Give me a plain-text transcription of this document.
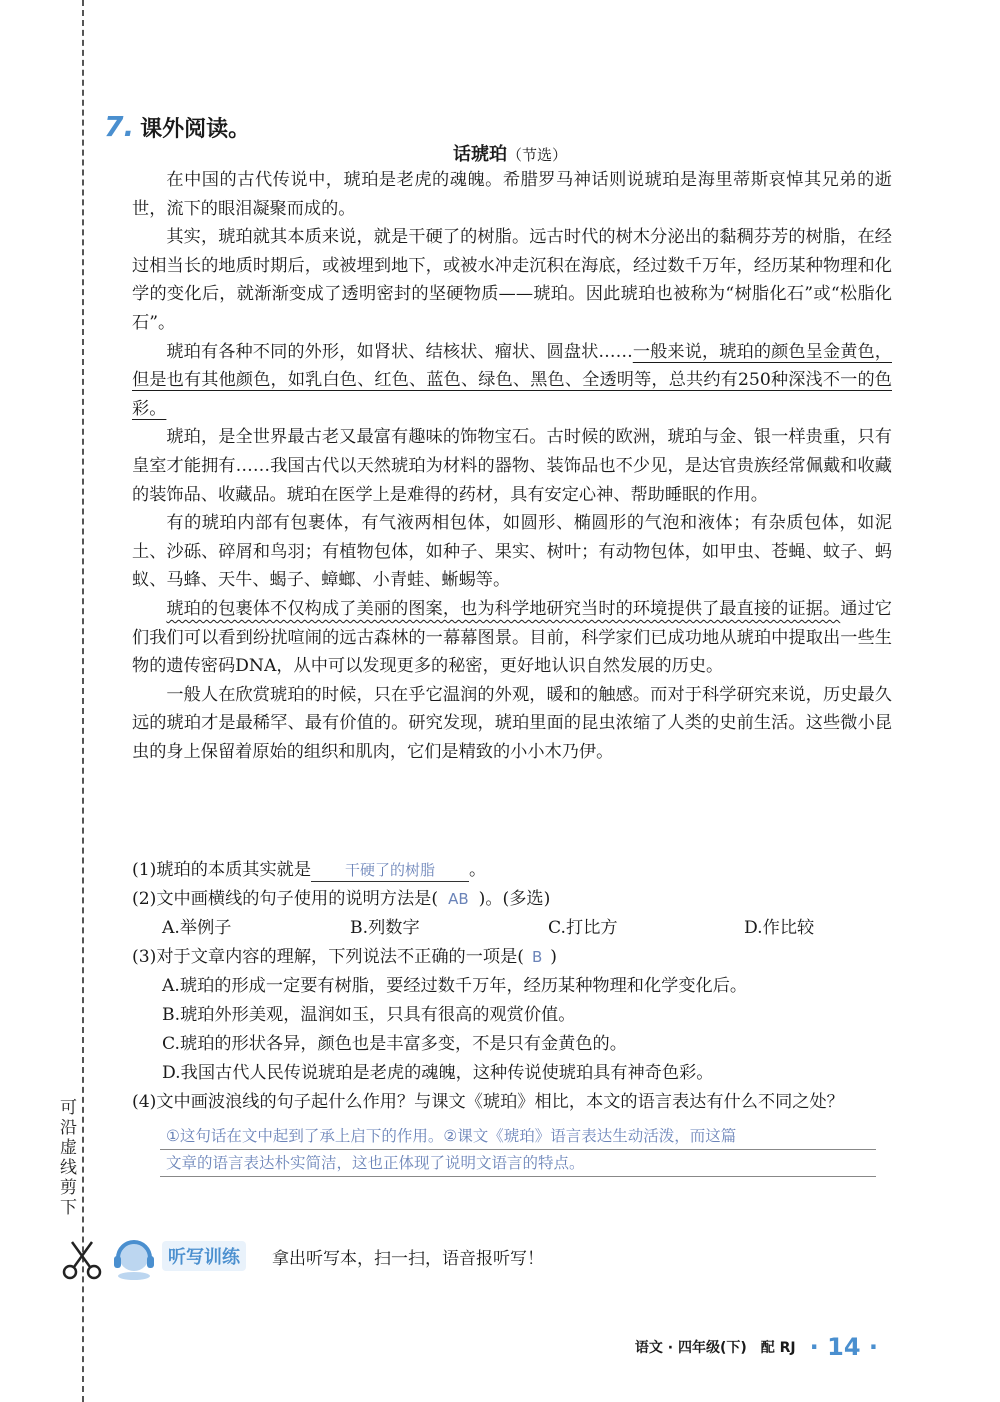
可沿虚线剪下
7. 课外阅读。
话琥珀（节选）

在中国的古代传说中，琥珀是老虎的魂魄。希腊罗马神话则说琥珀是海里蒂斯哀悼其兄弟的逝世，流下的眼泪凝聚而成的。

其实，琥珀就其本质来说，就是干硬了的树脂。远古时代的树木分泌出的黏稠芬芳的树脂，在经过相当长的地质时期后，或被埋到地下，或被水冲走沉积在海底，经过数千万年，经历某种物理和化学的变化后，就渐渐变成了透明密封的坚硬物质——琥珀。因此琥珀也被称为“树脂化石”或“松脂化石”。

琥珀有各种不同的外形，如肾状、结核状、瘤状、圆盘状……一般来说，琥珀的颜色呈金黄色，但是也有其他颜色，如乳白色、红色、蓝色、绿色、黑色、全透明等，总共约有250种深浅不一的色彩。

琥珀，是全世界最古老又最富有趣味的饰物宝石。古时候的欧洲，琥珀与金、银一样贵重，只有皇室才能拥有……我国古代以天然琥珀为材料的器物、装饰品也不少见，是达官贵族经常佩戴和收藏的装饰品、收藏品。琥珀在医学上是难得的药材，具有安定心神、帮助睡眠的作用。

有的琥珀内部有包裹体，有气液两相包体，如圆形、椭圆形的气泡和液体；有杂质包体，如泥土、沙砾、碎屑和鸟羽；有植物包体，如种子、果实、树叶；有动物包体，如甲虫、苍蝇、蚊子、蚂蚁、马蜂、天牛、蝎子、蟑螂、小青蛙、蜥蜴等。

琥珀的包裹体不仅构成了美丽的图案，也为科学地研究当时的环境提供了最直接的证据。通过它们我们可以看到纷扰喧闹的远古森林的一幕幕图景。目前，科学家们已成功地从琥珀中提取出一些生物的遗传密码DNA，从中可以发现更多的秘密，更好地认识自然发展的历史。

一般人在欣赏琥珀的时候，只在乎它温润的外观，暖和的触感。而对于科学研究来说，历史最久远的琥珀才是最稀罕、最有价值的。研究发现，琥珀里面的昆虫浓缩了人类的史前生活。这些微小昆虫的身上保留着原始的组织和肌肉，它们是精致的小小木乃伊。

(1)琥珀的本质其实就是 干硬了的树脂 。

(2)文中画横线的句子使用的说明方法是( AB )。(多选)

A.举例子	B.列数字	C.打比方	D.作比较

(3)对于文章内容的理解，下列说法不正确的一项是( B )

A.琥珀的形成一定要有树脂，要经过数千万年，经历某种物理和化学变化后。

B.琥珀外形美观，温润如玉，只具有很高的观赏价值。

C.琥珀的形状各异，颜色也是丰富多变，不是只有金黄色的。

D.我国古代人民传说琥珀是老虎的魂魄，这种传说使琥珀具有神奇色彩。

(4)文中画波浪线的句子起什么作用？与课文《琥珀》相比，本文的语言表达有什么不同之处？

①这句话在文中起到了承上启下的作用。②课文《琥珀》语言表达生动活泼，而这篇
文章的语言表达朴实简洁，这也正体现了说明文语言的特点。
听写训练	拿出听写本，扫一扫，语音报听写！
语文 · 四年级(下) 配 RJ · 14 ·
